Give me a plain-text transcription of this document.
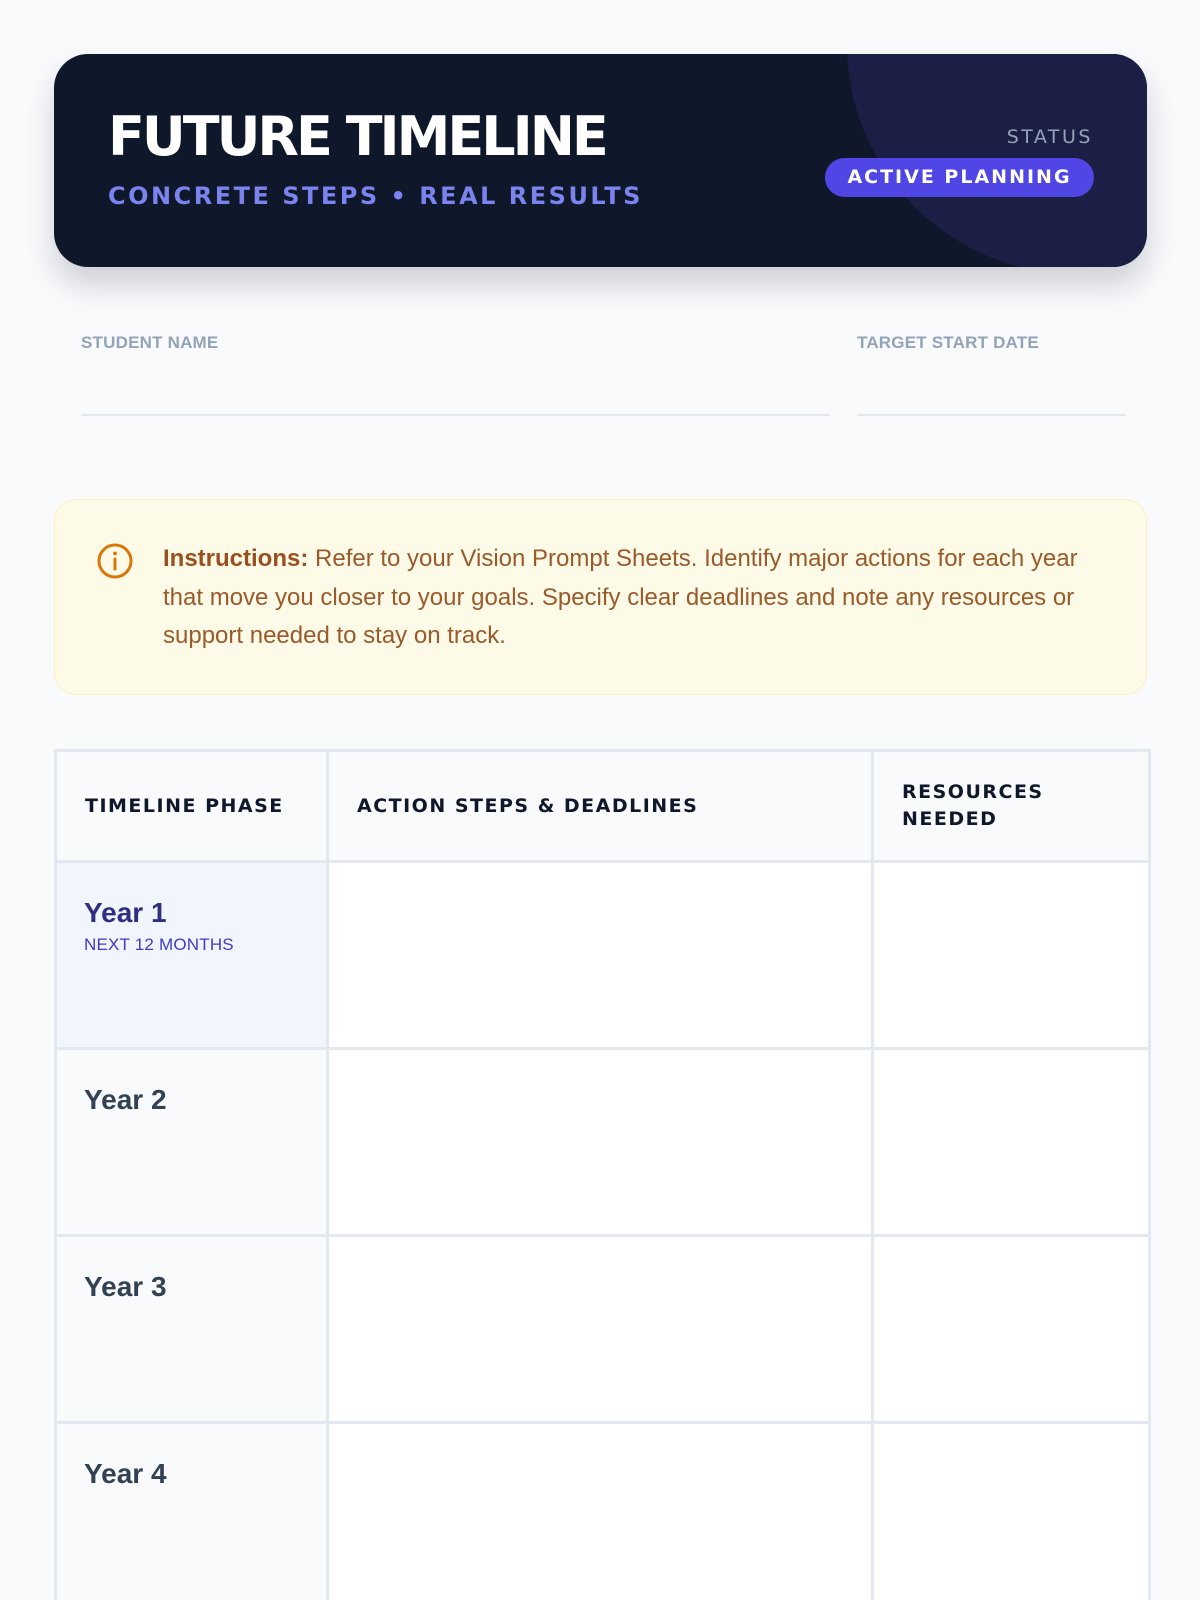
FUTURE TIMELINE
CONCRETE STEPS • REAL RESULTS
STATUS
ACTIVE PLANNING
STUDENT NAME	TARGET START DATE

Instructions: Refer to your Vision Prompt Sheets. Identify major actions for each year that move you closer to your goals. Specify clear deadlines and note any resources or support needed to stay on track.

TIMELINE PHASE	ACTION STEPS & DEADLINES	RESOURCES NEEDED

Year 1
NEXT 12 MONTHS		

Year 2		

Year 3		

Year 4		
